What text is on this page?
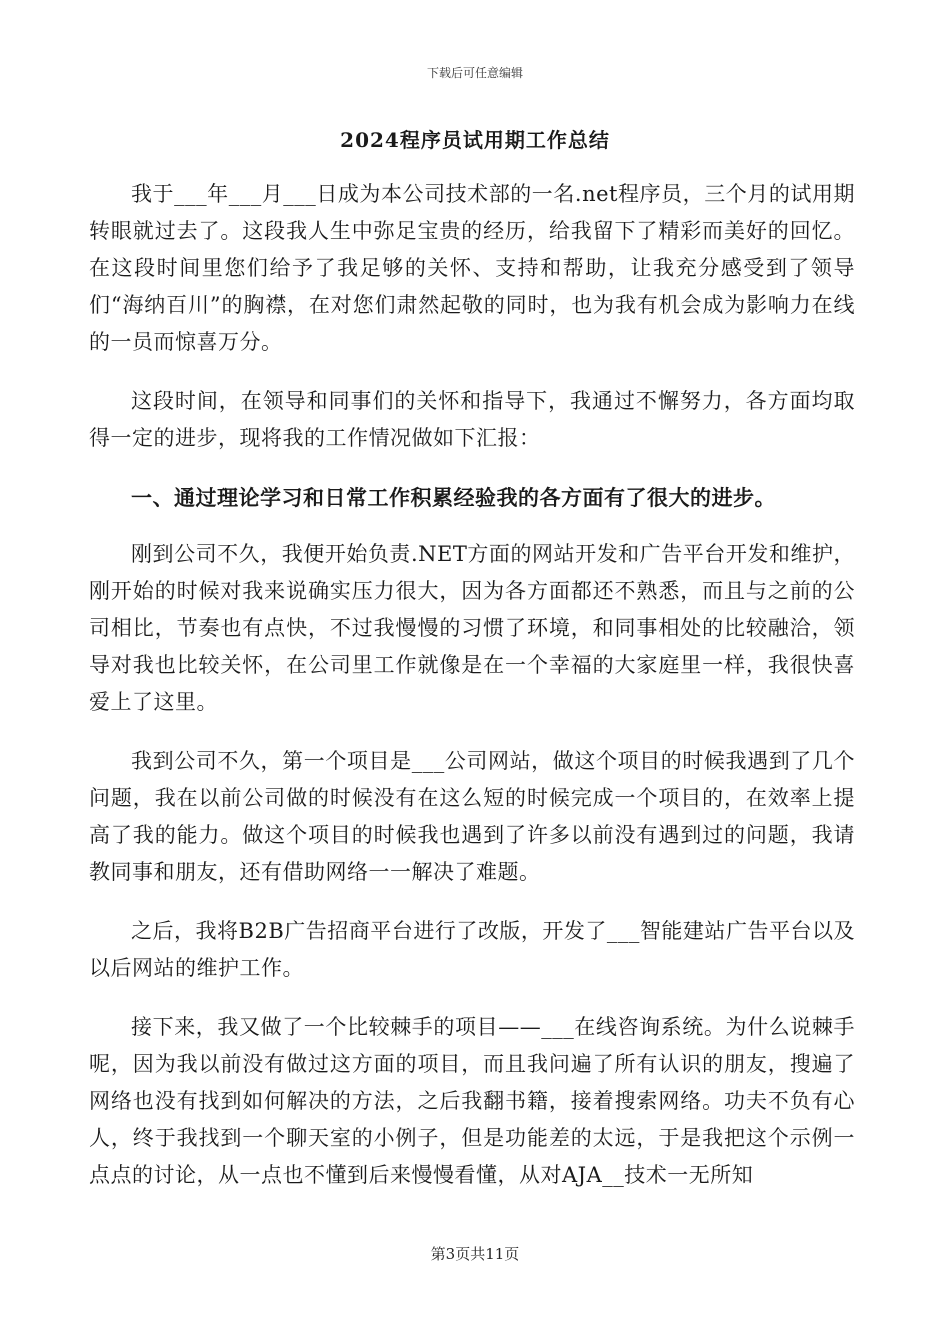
下载后可任意编辑
2024程序员试用期工作总结

我于___年___月___日成为本公司技术部的一名.net程序员，三个月的试用期转眼就过去了。这段我人生中弥足宝贵的经历，给我留下了精彩而美好的回忆。在这段时间里您们给予了我足够的关怀、支持和帮助，让我充分感受到了领导们“海纳百川”的胸襟，在对您们肃然起敬的同时，也为我有机会成为影响力在线的一员而惊喜万分。

这段时间，在领导和同事们的关怀和指导下，我通过不懈努力，各方面均取得一定的进步，现将我的工作情况做如下汇报：

一、通过理论学习和日常工作积累经验我的各方面有了很大的进步。

刚到公司不久，我便开始负责.NET方面的网站开发和广告平台开发和维护，刚开始的时候对我来说确实压力很大，因为各方面都还不熟悉，而且与之前的公司相比，节奏也有点快，不过我慢慢的习惯了环境，和同事相处的比较融洽，领导对我也比较关怀，在公司里工作就像是在一个幸福的大家庭里一样，我很快喜爱上了这里。

我到公司不久，第一个项目是___公司网站，做这个项目的时候我遇到了几个问题，我在以前公司做的时候没有在这么短的时候完成一个项目的，在效率上提高了我的能力。做这个项目的时候我也遇到了许多以前没有遇到过的问题，我请教同事和朋友，还有借助网络一一解决了难题。

之后，我将B2B广告招商平台进行了改版，开发了___智能建站广告平台以及以后网站的维护工作。

接下来，我又做了一个比较棘手的项目——___在线咨询系统。为什么说棘手呢，因为我以前没有做过这方面的项目，而且我问遍了所有认识的朋友，搜遍了网络也没有找到如何解决的方法，之后我翻书籍，接着搜索网络。功夫不负有心人，终于我找到一个聊天室的小例子，但是功能差的太远，于是我把这个示例一点点的讨论，从一点也不懂到后来慢慢看懂，从对AJA__技术一无所知

第3页共11页
